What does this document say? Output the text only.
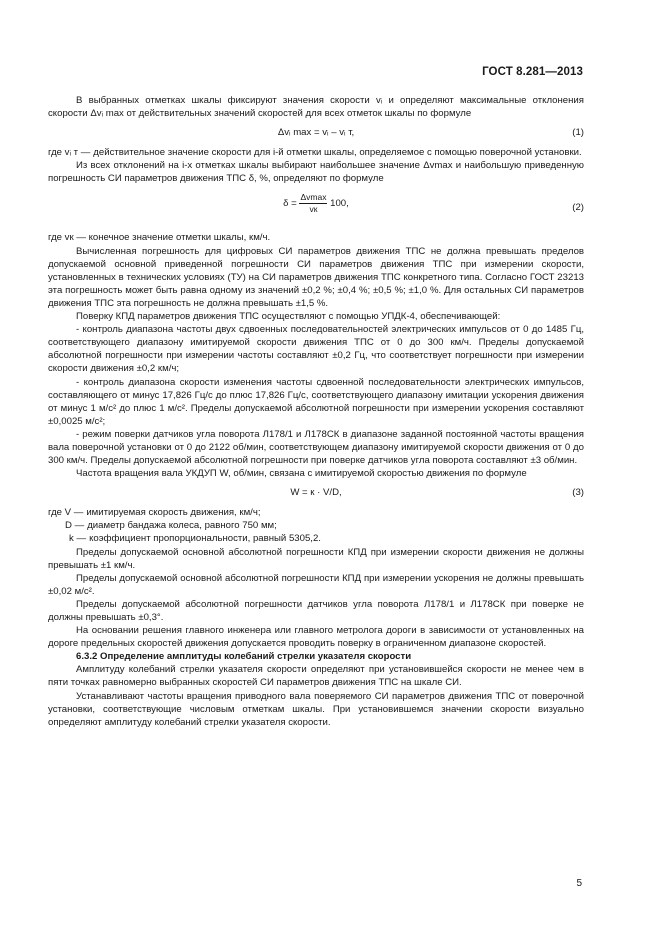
ГОСТ 8.281—2013

В выбранных отметках шкалы фиксируют значения скорости vᵢ и определяют максимальные отклонения скорости Δvᵢ max от действительных значений скоростей для всех отметок шкалы по формуле

Δvᵢ max = vᵢ – vᵢ т,	(1)
где vᵢ т — действительное значение скорости для i-й отметки шкалы, определяемое с помощью поверочной установки.

Из всех отклонений на i-х отметках шкалы выбирают наибольшее значение Δvmax и наибольшую приведенную погрешность СИ параметров движения ТПС δ, %, определяют по формуле

$\delta = \frac{\Delta vmax}{vк} 100$,	(2)

где vк — конечное значение отметки шкалы, км/ч.

Вычисленная погрешность для цифровых СИ параметров движения ТПС не должна превышать пределов допускаемой основной приведенной погрешности СИ параметров движения ТПС при измерении скорости, установленных в технических условиях (ТУ) на СИ параметров движения ТПС конкретного типа. Согласно ГОСТ 23213 эта погрешность может быть равна одному из значений ±0,2 %; ±0,4 %; ±0,5 %; ±1,0 %. Для остальных СИ параметров движения ТПС эта погрешность не должна превышать ±1,5 %.

Поверку КПД параметров движения ТПС осуществляют с помощью УПДК-4, обеспечивающей:

- контроль диапазона частоты двух сдвоенных последовательностей электрических импульсов от 0 до 1485 Гц, соответствующего диапазону имитируемой скорости движения ТПС от 0 до 300 км/ч. Пределы допускаемой абсолютной погрешности при измерении частоты составляют ±0,2 Гц, что соответствует погрешности при измерении скорости движения ±0,2 км/ч;

- контроль диапазона скорости изменения частоты сдвоенной последовательности электрических импульсов, составляющего от минус 17,826 Гц/с до плюс 17,826 Гц/с, соответствующего диапазону имитации ускорения движения от минус 1 м/с² до плюс 1 м/с². Пределы допускаемой абсолютной погрешности при измерении ускорения составляют ±0,0025 м/с²;

- режим поверки датчиков угла поворота Л178/1 и Л178СК в диапазоне заданной постоянной частоты вращения вала поверочной установки от 0 до 2122 об/мин, соответствующем диапазону имитируемой скорости движения от 0 до 300 км/ч. Пределы допускаемой абсолютной погрешности при поверке датчиков угла поворота составляют ±3 об/мин.

Частота вращения вала УКДУП W, об/мин, связана с имитируемой скоростью движения по формуле

W = к · V/D,	(3)
где V — имитируемая скорость движения, км/ч;
D — диаметр бандажа колеса, равного 750 мм;
k — коэффициент пропорциональности, равный 5305,2.

Пределы допускаемой основной абсолютной погрешности КПД при измерении скорости движения не должны превышать ±1 км/ч.

Пределы допускаемой основной абсолютной погрешности КПД при измерении ускорения не должны превышать ±0,02 м/с².

Пределы допускаемой абсолютной погрешности датчиков угла поворота Л178/1 и Л178СК при поверке не должны превышать ±0,3°.

На основании решения главного инженера или главного метролога дороги в зависимости от установленных на дороге предельных скоростей движения допускается проводить поверку в ограниченном диапазоне скоростей.

6.3.2 Определение амплитуды колебаний стрелки указателя скорости

Амплитуду колебаний стрелки указателя скорости определяют при установившейся скорости не менее чем в пяти точках равномерно выбранных скоростей СИ параметров движения ТПС на шкале СИ.

Устанавливают частоты вращения приводного вала поверяемого СИ параметров движения ТПС от поверочной установки, соответствующие числовым отметкам шкалы. При установившемся значении скорости визуально определяют амплитуду колебаний стрелки указателя скорости.

5
